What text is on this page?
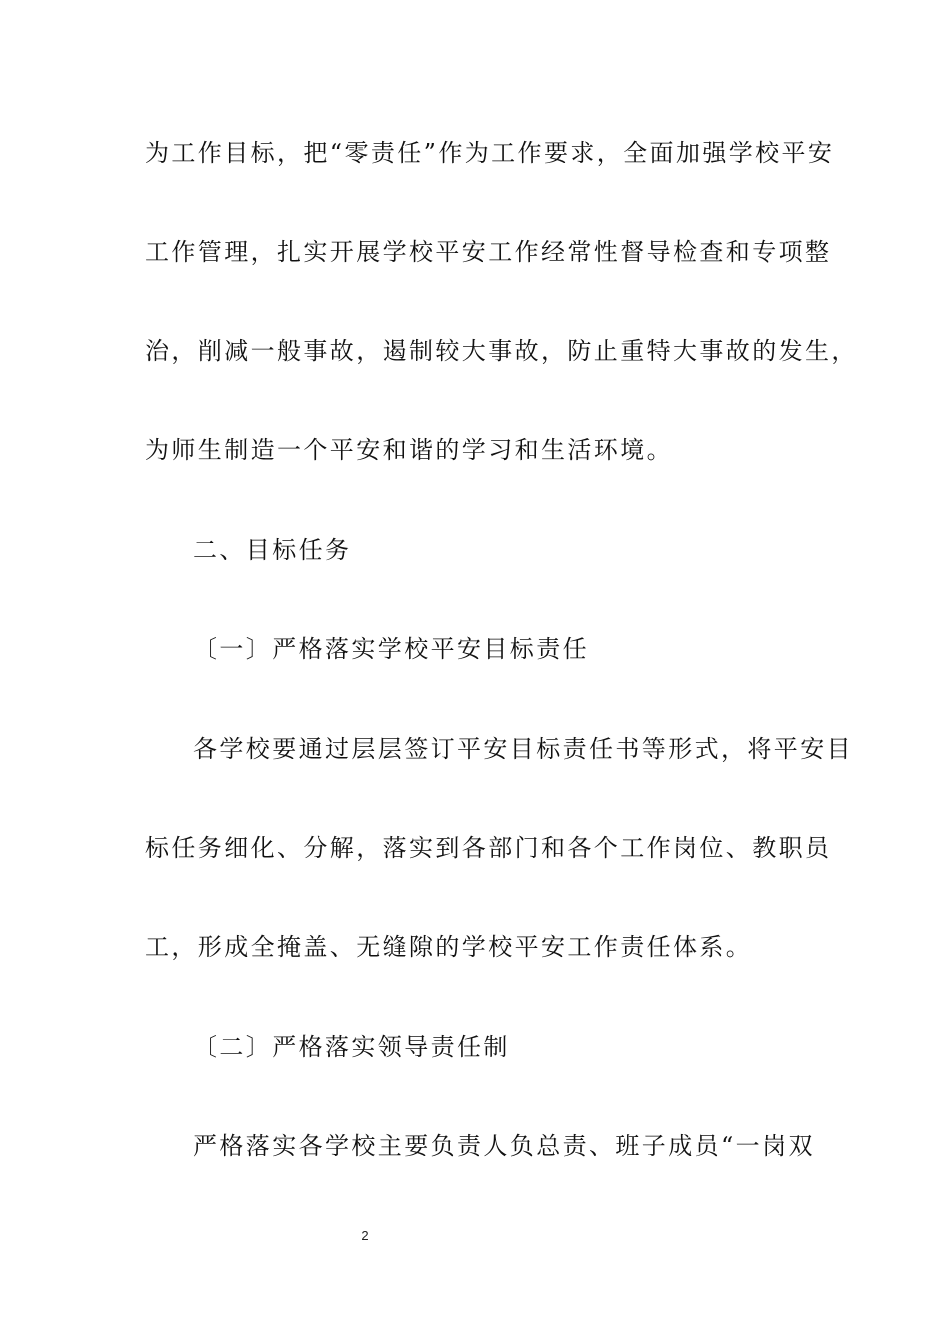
为工作目标，把“零责任”作为工作要求，全面加强学校平安
工作管理，扎实开展学校平安工作经常性督导检查和专项整
治，削减一般事故，遏制较大事故，防止重特大事故的发生，
为师生制造一个平安和谐的学习和生活环境。
二、目标任务
〔一〕严格落实学校平安目标责任
各学校要通过层层签订平安目标责任书等形式，将平安目
标任务细化、分解，落实到各部门和各个工作岗位、教职员
工，形成全掩盖、无缝隙的学校平安工作责任体系。
〔二〕严格落实领导责任制
严格落实各学校主要负责人负总责、班子成员“一岗双
2
